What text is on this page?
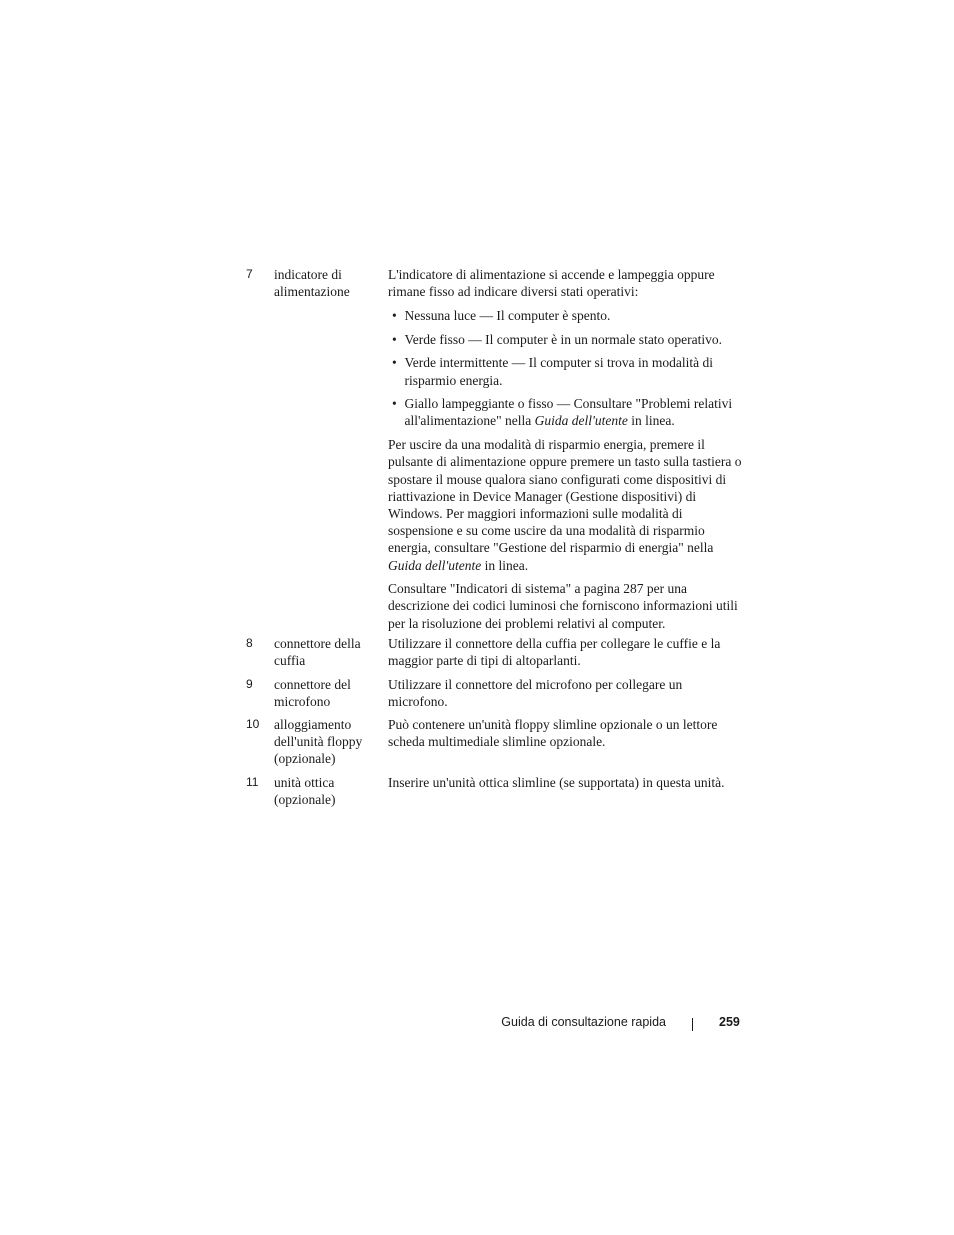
7	indicatore di alimentazione

L'indicatore di alimentazione si accende e lampeggia oppure rimane fisso ad indicare diversi stati operativi:

• Nessuna luce — Il computer è spento.
• Verde fisso — Il computer è in un normale stato operativo.
• Verde intermittente — Il computer si trova in modalità di risparmio energia.
• Giallo lampeggiante o fisso — Consultare "Problemi relativi all'alimentazione" nella Guida dell'utente in linea.

Per uscire da una modalità di risparmio energia, premere il pulsante di alimentazione oppure premere un tasto sulla tastiera o spostare il mouse qualora siano configurati come dispositivi di riattivazione in Device Manager (Gestione dispositivi) di Windows. Per maggiori informazioni sulle modalità di sospensione e su come uscire da una modalità di risparmio energia, consultare "Gestione del risparmio di energia" nella Guida dell'utente in linea.

Consultare "Indicatori di sistema" a pagina 287 per una descrizione dei codici luminosi che forniscono informazioni utili per la risoluzione dei problemi relativi al computer.

8	connettore della cuffia
Utilizzare il connettore della cuffia per collegare le cuffie e la maggior parte di tipi di altoparlanti.
9	connettore del microfono
Utilizzare il connettore del microfono per collegare un microfono.
10	alloggiamento dell'unità floppy (opzionale)
Può contenere un'unità floppy slimline opzionale o un lettore scheda multimediale slimline opzionale.
11	unità ottica (opzionale)
Inserire un'unità ottica slimline (se supportata) in questa unità.
Guida di consultazione rapida	259
